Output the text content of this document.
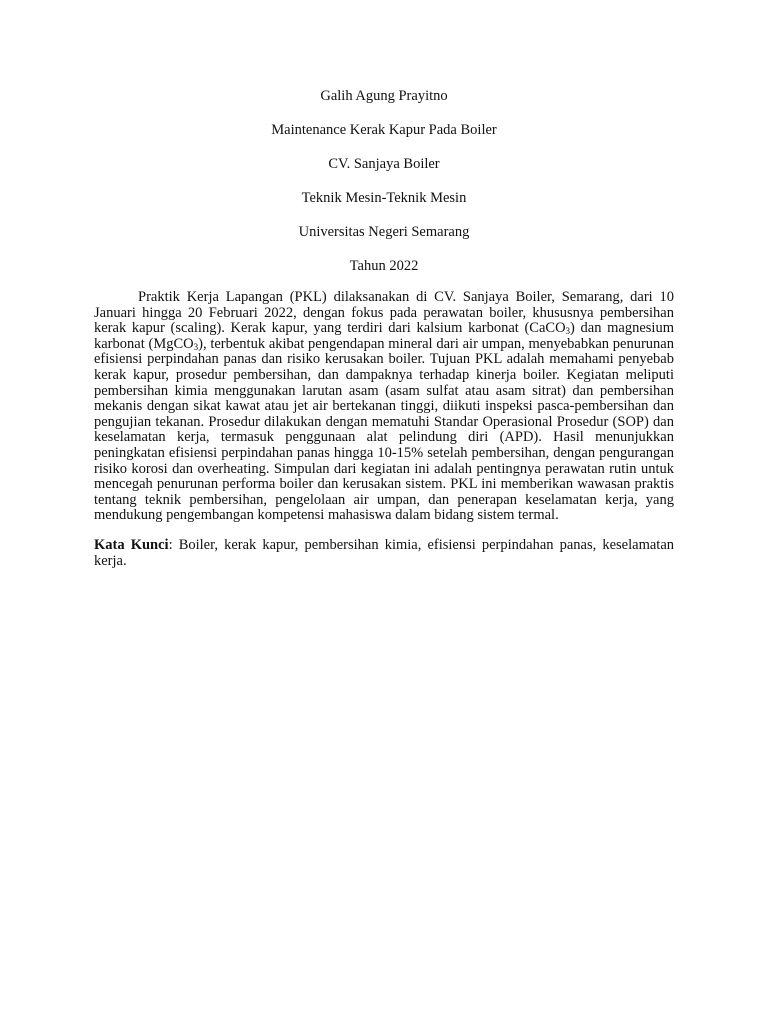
Galih Agung Prayitno

Maintenance Kerak Kapur Pada Boiler

CV. Sanjaya Boiler

Teknik Mesin-Teknik Mesin

Universitas Negeri Semarang

Tahun 2022

Praktik Kerja Lapangan (PKL) dilaksanakan di CV. Sanjaya Boiler, Semarang, dari 10 Januari hingga 20 Februari 2022, dengan fokus pada perawatan boiler, khususnya pembersihan kerak kapur (scaling). Kerak kapur, yang terdiri dari kalsium karbonat (CaCO$_3$) dan magnesium karbonat (MgCO$_3$), terbentuk akibat pengendapan mineral dari air umpan, menyebabkan penurunan efisiensi perpindahan panas dan risiko kerusakan boiler. Tujuan PKL adalah memahami penyebab kerak kapur, prosedur pembersihan, dan dampaknya terhadap kinerja boiler. Kegiatan meliputi pembersihan kimia menggunakan larutan asam (asam sulfat atau asam sitrat) dan pembersihan mekanis dengan sikat kawat atau jet air bertekanan tinggi, diikuti inspeksi pasca-pembersihan dan pengujian tekanan. Prosedur dilakukan dengan mematuhi Standar Operasional Prosedur (SOP) dan keselamatan kerja, termasuk penggunaan alat pelindung diri (APD). Hasil menunjukkan peningkatan efisiensi perpindahan panas hingga 10-15% setelah pembersihan, dengan pengurangan risiko korosi dan overheating. Simpulan dari kegiatan ini adalah pentingnya perawatan rutin untuk mencegah penurunan performa boiler dan kerusakan sistem. PKL ini memberikan wawasan praktis tentang teknik pembersihan, pengelolaan air umpan, dan penerapan keselamatan kerja, yang mendukung pengembangan kompetensi mahasiswa dalam bidang sistem termal.

Kata Kunci: Boiler, kerak kapur, pembersihan kimia, efisiensi perpindahan panas, keselamatan kerja.
